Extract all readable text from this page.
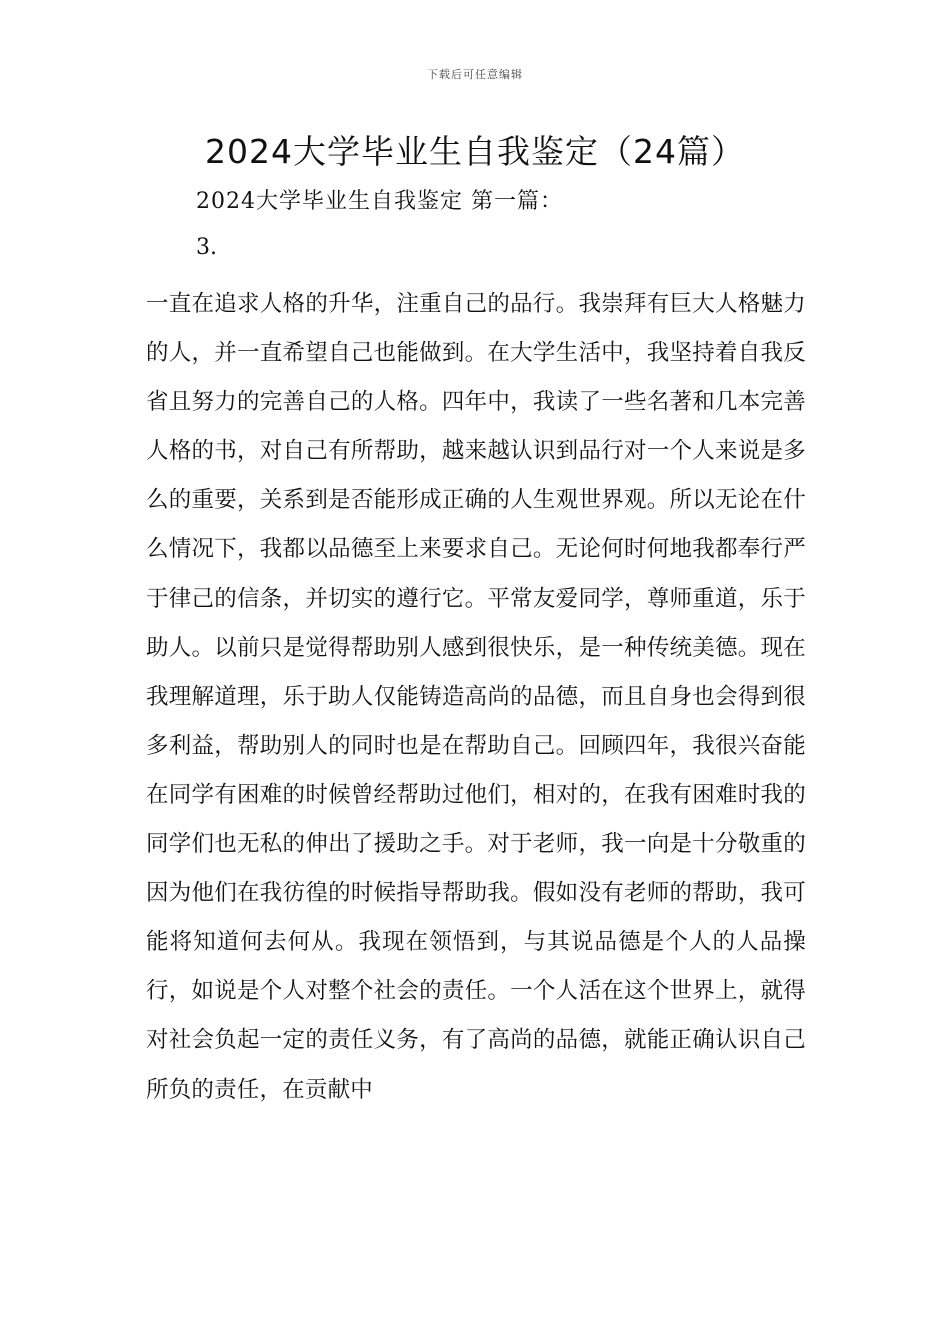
下载后可任意编辑
2024大学毕业生自我鉴定（24篇）
2024大学毕业生自我鉴定 第一篇：
3.

一直在追求人格的升华，注重自己的品行。我崇拜有巨大人格魅力的人，并一直希望自己也能做到。在大学生活中，我坚持着自我反省且努力的完善自己的人格。四年中，我读了一些名著和几本完善人格的书，对自己有所帮助，越来越认识到品行对一个人来说是多么的重要，关系到是否能形成正确的人生观世界观。所以无论在什么情况下，我都以品德至上来要求自己。无论何时何地我都奉行严于律己的信条，并切实的遵行它。平常友爱同学，尊师重道，乐于助人。以前只是觉得帮助别人感到很快乐，是一种传统美德。现在我理解道理，乐于助人仅能铸造高尚的品德，而且自身也会得到很多利益，帮助别人的同时也是在帮助自己。回顾四年，我很兴奋能在同学有困难的时候曾经帮助过他们，相对的，在我有困难时我的同学们也无私的伸出了援助之手。对于老师，我一向是十分敬重的因为他们在我彷徨的时候指导帮助我。假如没有老师的帮助，我可能将知道何去何从。我现在领悟到，与其说品德是个人的人品操行，如说是个人对整个社会的责任。一个人活在这个世界上，就得对社会负起一定的责任义务，有了高尚的品德，就能正确认识自己所负的责任，在贡献中
